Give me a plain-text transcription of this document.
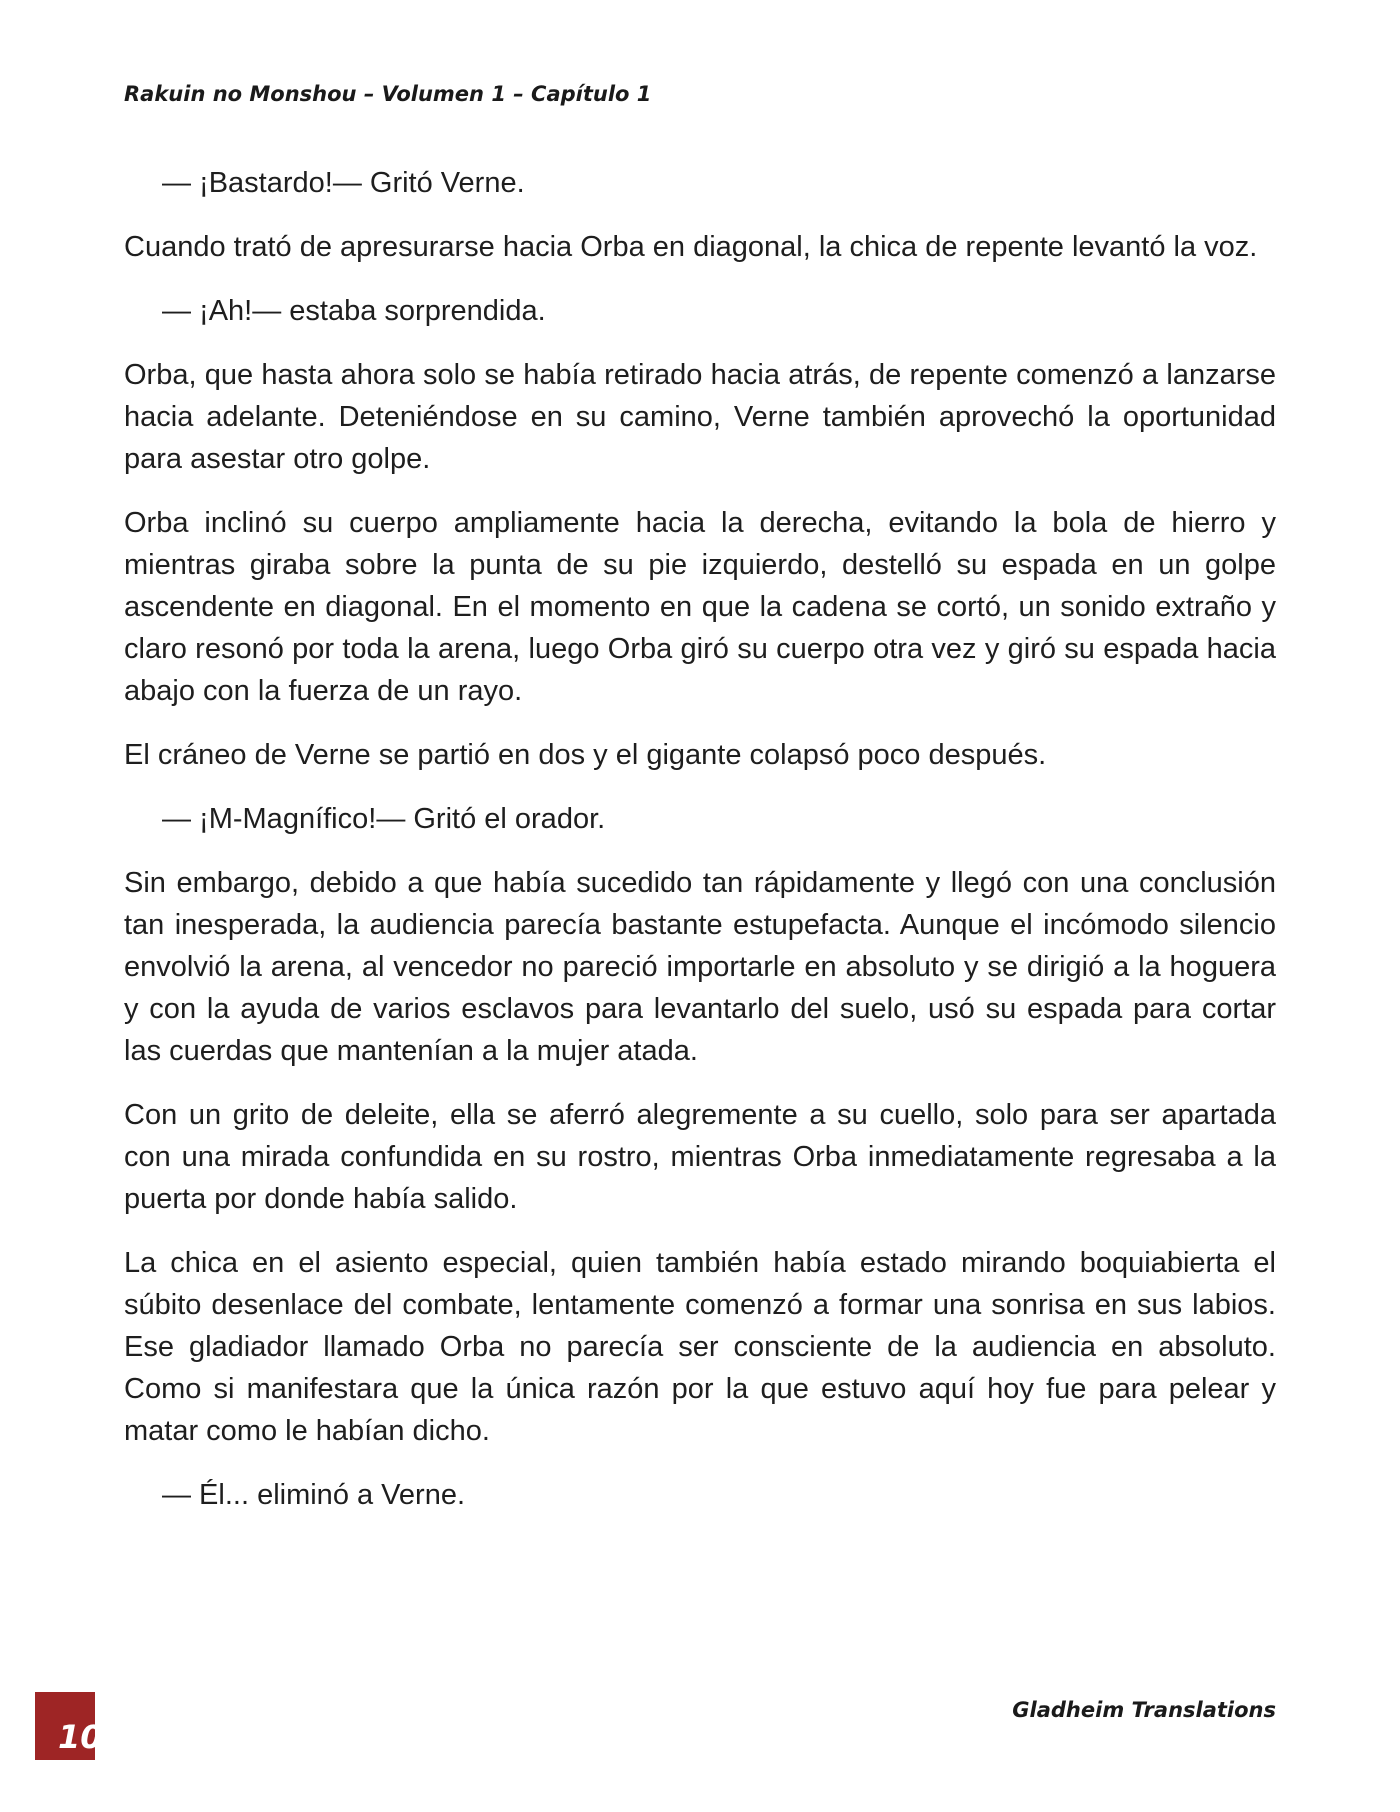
Rakuin no Monshou – Volumen 1 – Capítulo 1

— ¡Bastardo!— Gritó Verne.

Cuando trató de apresurarse hacia Orba en diagonal, la chica de repente levantó la voz.

— ¡Ah!— estaba sorprendida.

Orba, que hasta ahora solo se había retirado hacia atrás, de repente comenzó a lanzarse hacia adelante. Deteniéndose en su camino, Verne también aprovechó la oportunidad para asestar otro golpe.

Orba inclinó su cuerpo ampliamente hacia la derecha, evitando la bola de hierro y mientras giraba sobre la punta de su pie izquierdo, destelló su espada en un golpe ascendente en diagonal. En el momento en que la cadena se cortó, un sonido extraño y claro resonó por toda la arena, luego Orba giró su cuerpo otra vez y giró su espada hacia abajo con la fuerza de un rayo.

El cráneo de Verne se partió en dos y el gigante colapsó poco después.

— ¡M-Magnífico!— Gritó el orador.

Sin embargo, debido a que había sucedido tan rápidamente y llegó con una conclusión tan inesperada, la audiencia parecía bastante estupefacta. Aunque el incómodo silencio envolvió la arena, al vencedor no pareció importarle en absoluto y se dirigió a la hoguera y con la ayuda de varios esclavos para levantarlo del suelo, usó su espada para cortar las cuerdas que mantenían a la mujer atada.

Con un grito de deleite, ella se aferró alegremente a su cuello, solo para ser apartada con una mirada confundida en su rostro, mientras Orba inmediatamente regresaba a la puerta por donde había salido.

La chica en el asiento especial, quien también había estado mirando boquiabierta el súbito desenlace del combate, lentamente comenzó a formar una sonrisa en sus labios. Ese gladiador llamado Orba no parecía ser consciente de la audiencia en absoluto. Como si manifestara que la única razón por la que estuvo aquí hoy fue para pelear y matar como le habían dicho.

— Él... eliminó a Verne.

10
Gladheim Translations
